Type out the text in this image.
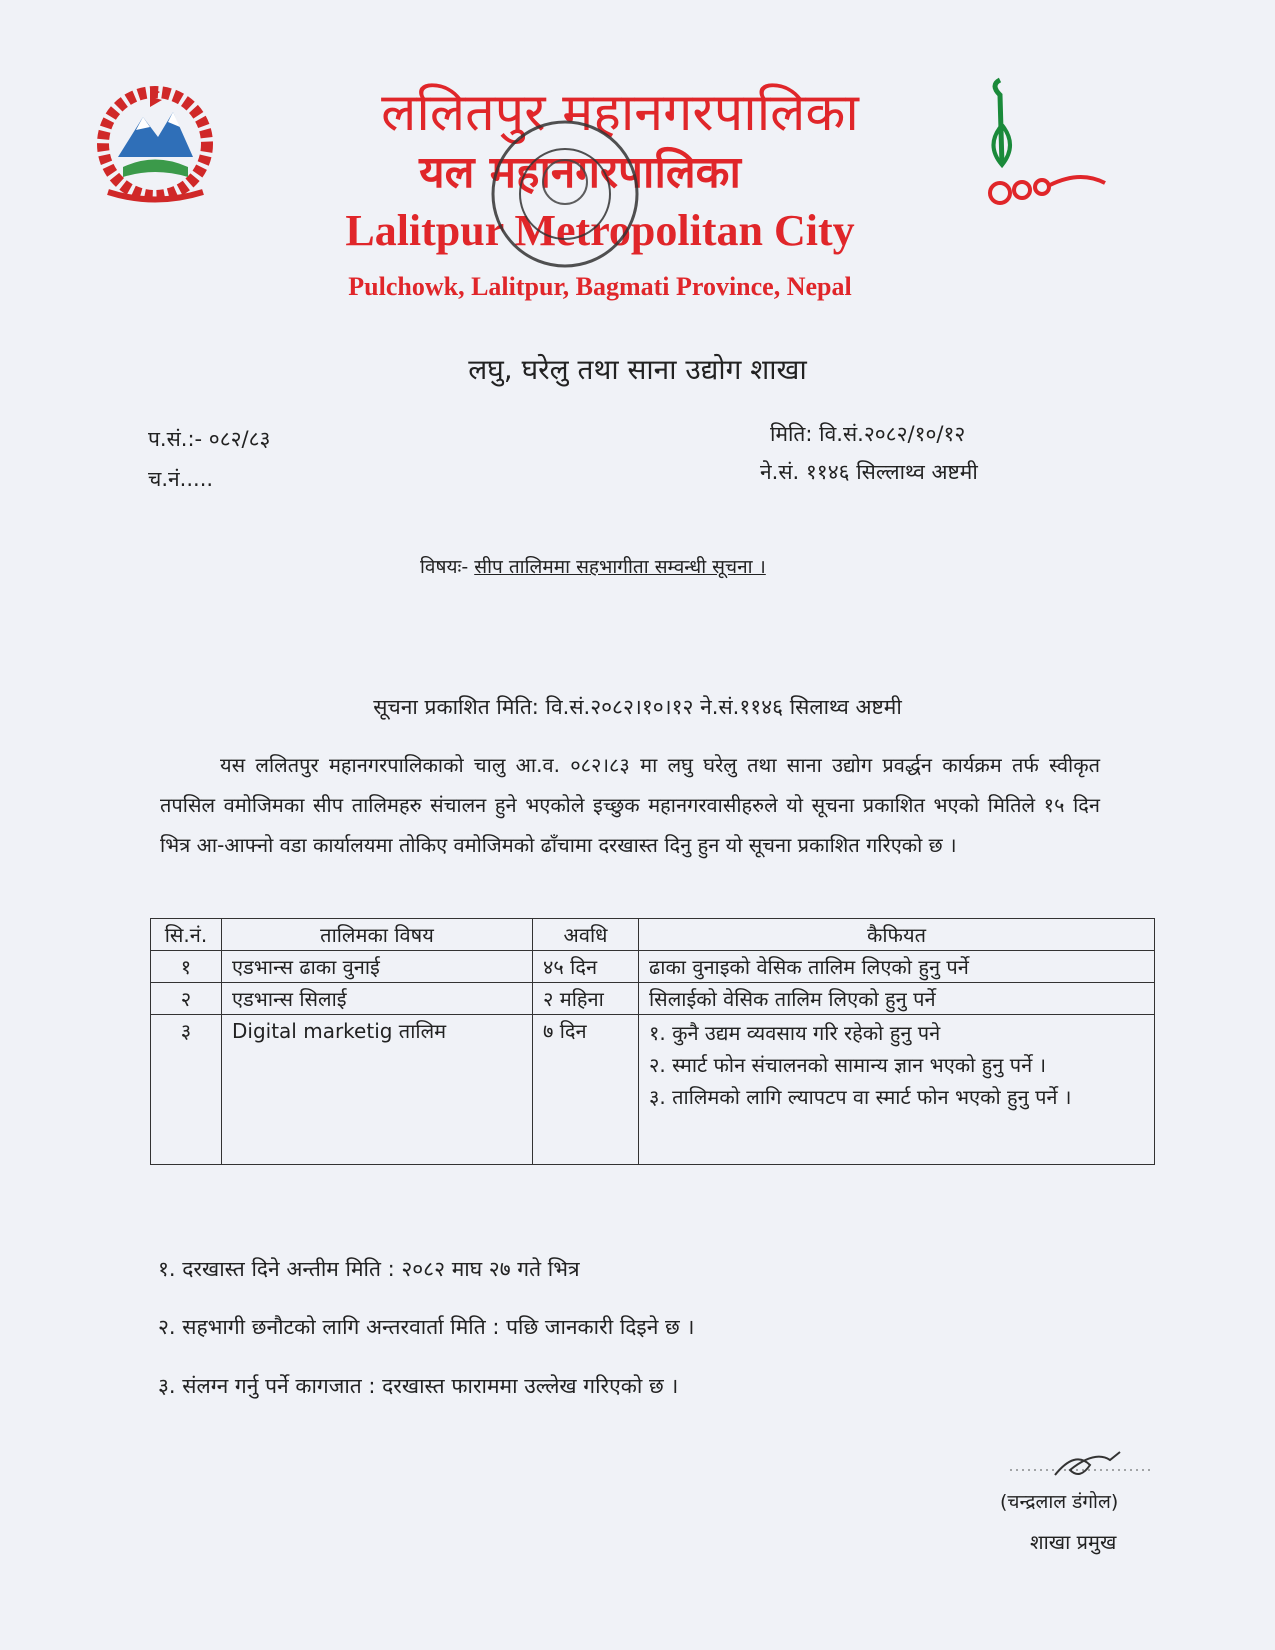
ललितपुर महानगरपालिका
यल महानगरपालिका
Lalitpur Metropolitan City
Pulchowk, Lalitpur, Bagmati Province, Nepal
लघु, घरेलु तथा साना उद्योग शाखा
प.सं.:- ०८२/८३
च.नं.....
मिति: वि.सं.२०८२/१०/१२
ने.सं. ११४६ सिल्लाथ्व अष्टमी
विषयः- सीप तालिममा सहभागीता सम्वन्धी सूचना ।
सूचना प्रकाशित मिति: वि.सं.२०८२।१०।१२ ने.सं.११४६ सिलाथ्व अष्टमी
यस ललितपुर महानगरपालिकाको चालु आ.व. ०८२।८३ मा लघु घरेलु तथा साना उद्योग प्रवर्द्धन कार्यक्रम तर्फ स्वीकृत तपसिल वमोजिमका सीप तालिमहरु संचालन हुने भएकोले इच्छुक महानगरवासीहरुले यो सूचना प्रकाशित भएको मितिले १५ दिन भित्र आ-आफ्नो वडा कार्यालयमा तोकिए वमोजिमको ढाँचामा दरखास्त दिनु हुन यो सूचना प्रकाशित गरिएको छ ।
सि.नं.	तालिमका विषय	अवधि	कैफियत
१	एडभान्स ढाका वुनाई	४५ दिन	ढाका वुनाइको वेसिक तालिम लिएको हुनु पर्ने
२	एडभान्स सिलाई	२ महिना	सिलाईको वेसिक तालिम लिएको हुनु पर्ने
३	Digital marketig तालिम	७ दिन	१. कुनै उद्यम व्यवसाय गरि रहेको हुनु पने
२. स्मार्ट फोन संचालनको सामान्य ज्ञान भएको हुनु पर्ने ।
३. तालिमको लागि ल्यापटप वा स्मार्ट फोन भएको हुनु पर्ने ।
१. दरखास्त दिने अन्तीम मिति : २०८२ माघ २७ गते भित्र
२. सहभागी छनौटको लागि अन्तरवार्ता मिति : पछि जानकारी दिइने छ ।
३. संलग्न गर्नु पर्ने कागजात : दरखास्त फाराममा उल्लेख गरिएको छ ।
(चन्द्रलाल डंगोल)
शाखा प्रमुख
